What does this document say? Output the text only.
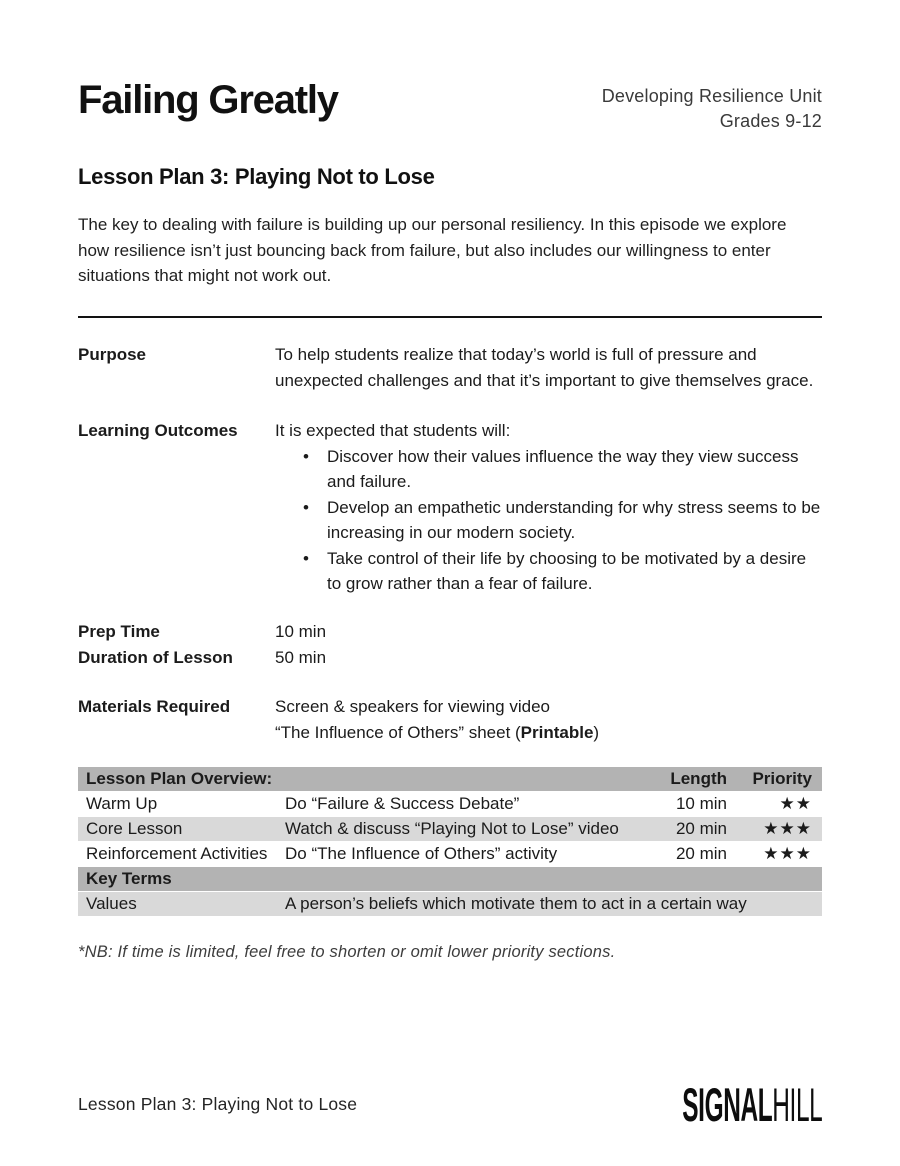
Failing Greatly	Developing Resilience Unit
Grades 9-12
Lesson Plan 3: Playing Not to Lose

The key to dealing with failure is building up our personal resiliency. In this episode we explore how resilience isn’t just bouncing back from failure, but also includes our willingness to enter situations that might not work out.

Purpose	To help students realize that today’s world is full of pressure and unexpected challenges and that it’s important to give themselves grace.
Learning Outcomes	It is expected that students will:
• Discover how their values influence the way they view success and failure.
• Develop an empathetic understanding for why stress seems to be increasing in our modern society.
• Take control of their life by choosing to be motivated by a desire to grow rather than a fear of failure.
Prep Time	10 min
Duration of Lesson	50 min
Materials Required	Screen & speakers for viewing video
“The Influence of Others” sheet (Printable)
Lesson Plan Overview:	Length	Priority
Warm Up	Do “Failure & Success Debate”	10 min	★★
Core Lesson	Watch & discuss “Playing Not to Lose” video	20 min	★★★
Reinforcement Activities	Do “The Influence of Others” activity	20 min	★★★
Key Terms
Values	A person’s beliefs which motivate them to act in a certain way
*NB: If time is limited, feel free to shorten or omit lower priority sections.
Lesson Plan 3: Playing Not to Lose	SIGNALHILL
